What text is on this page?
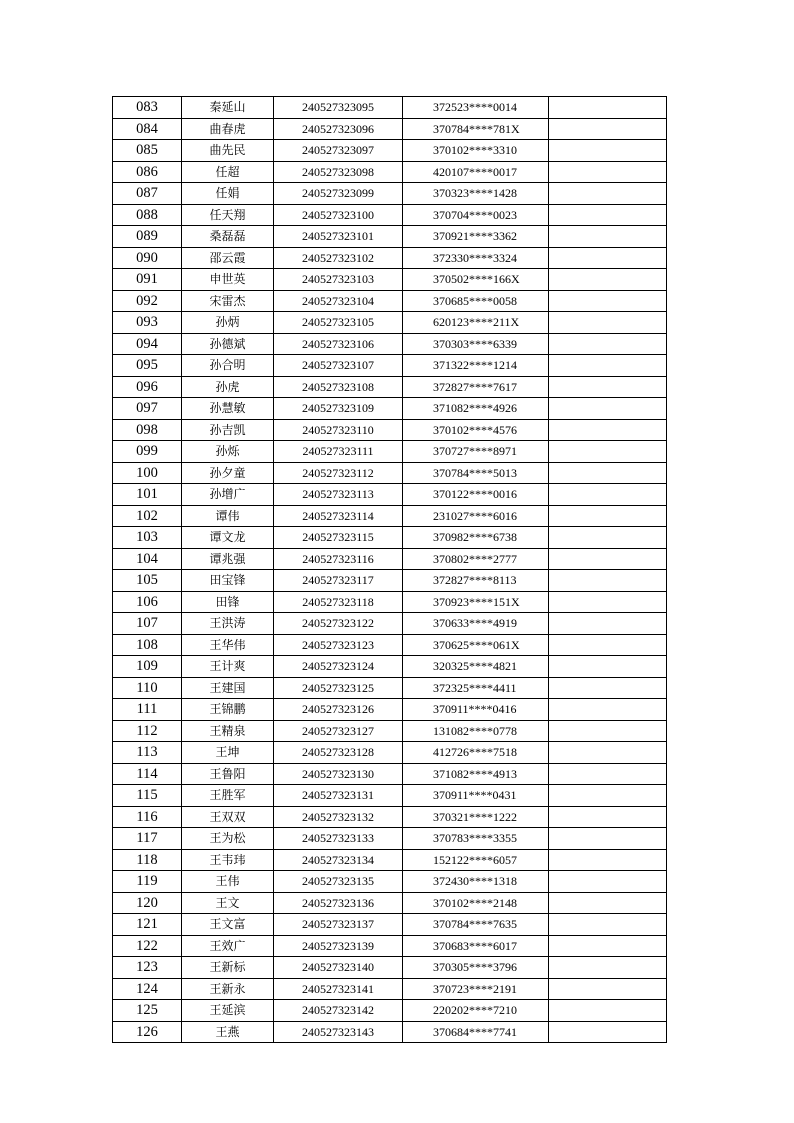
083	秦延山	240527323095	372523****0014	
084	曲春虎	240527323096	370784****781X	
085	曲先民	240527323097	370102****3310	
086	任超	240527323098	420107****0017	
087	任娟	240527323099	370323****1428	
088	任天翔	240527323100	370704****0023	
089	桑磊磊	240527323101	370921****3362	
090	邵云霞	240527323102	372330****3324	
091	申世英	240527323103	370502****166X	
092	宋雷杰	240527323104	370685****0058	
093	孙炳	240527323105	620123****211X	
094	孙德斌	240527323106	370303****6339	
095	孙合明	240527323107	371322****1214	
096	孙虎	240527323108	372827****7617	
097	孙慧敏	240527323109	371082****4926	
098	孙吉凯	240527323110	370102****4576	
099	孙烁	240527323111	370727****8971	
100	孙夕童	240527323112	370784****5013	
101	孙增广	240527323113	370122****0016	
102	谭伟	240527323114	231027****6016	
103	谭文龙	240527323115	370982****6738	
104	谭兆强	240527323116	370802****2777	
105	田宝锋	240527323117	372827****8113	
106	田锋	240527323118	370923****151X	
107	王洪涛	240527323122	370633****4919	
108	王华伟	240527323123	370625****061X	
109	王计爽	240527323124	320325****4821	
110	王建国	240527323125	372325****4411	
111	王锦鹏	240527323126	370911****0416	
112	王精泉	240527323127	131082****0778	
113	王坤	240527323128	412726****7518	
114	王鲁阳	240527323130	371082****4913	
115	王胜军	240527323131	370911****0431	
116	王双双	240527323132	370321****1222	
117	王为松	240527323133	370783****3355	
118	王韦玮	240527323134	152122****6057	
119	王伟	240527323135	372430****1318	
120	王文	240527323136	370102****2148	
121	王文富	240527323137	370784****7635	
122	王效广	240527323139	370683****6017	
123	王新标	240527323140	370305****3796	
124	王新永	240527323141	370723****2191	
125	王延滨	240527323142	220202****7210	
126	王燕	240527323143	370684****7741	
